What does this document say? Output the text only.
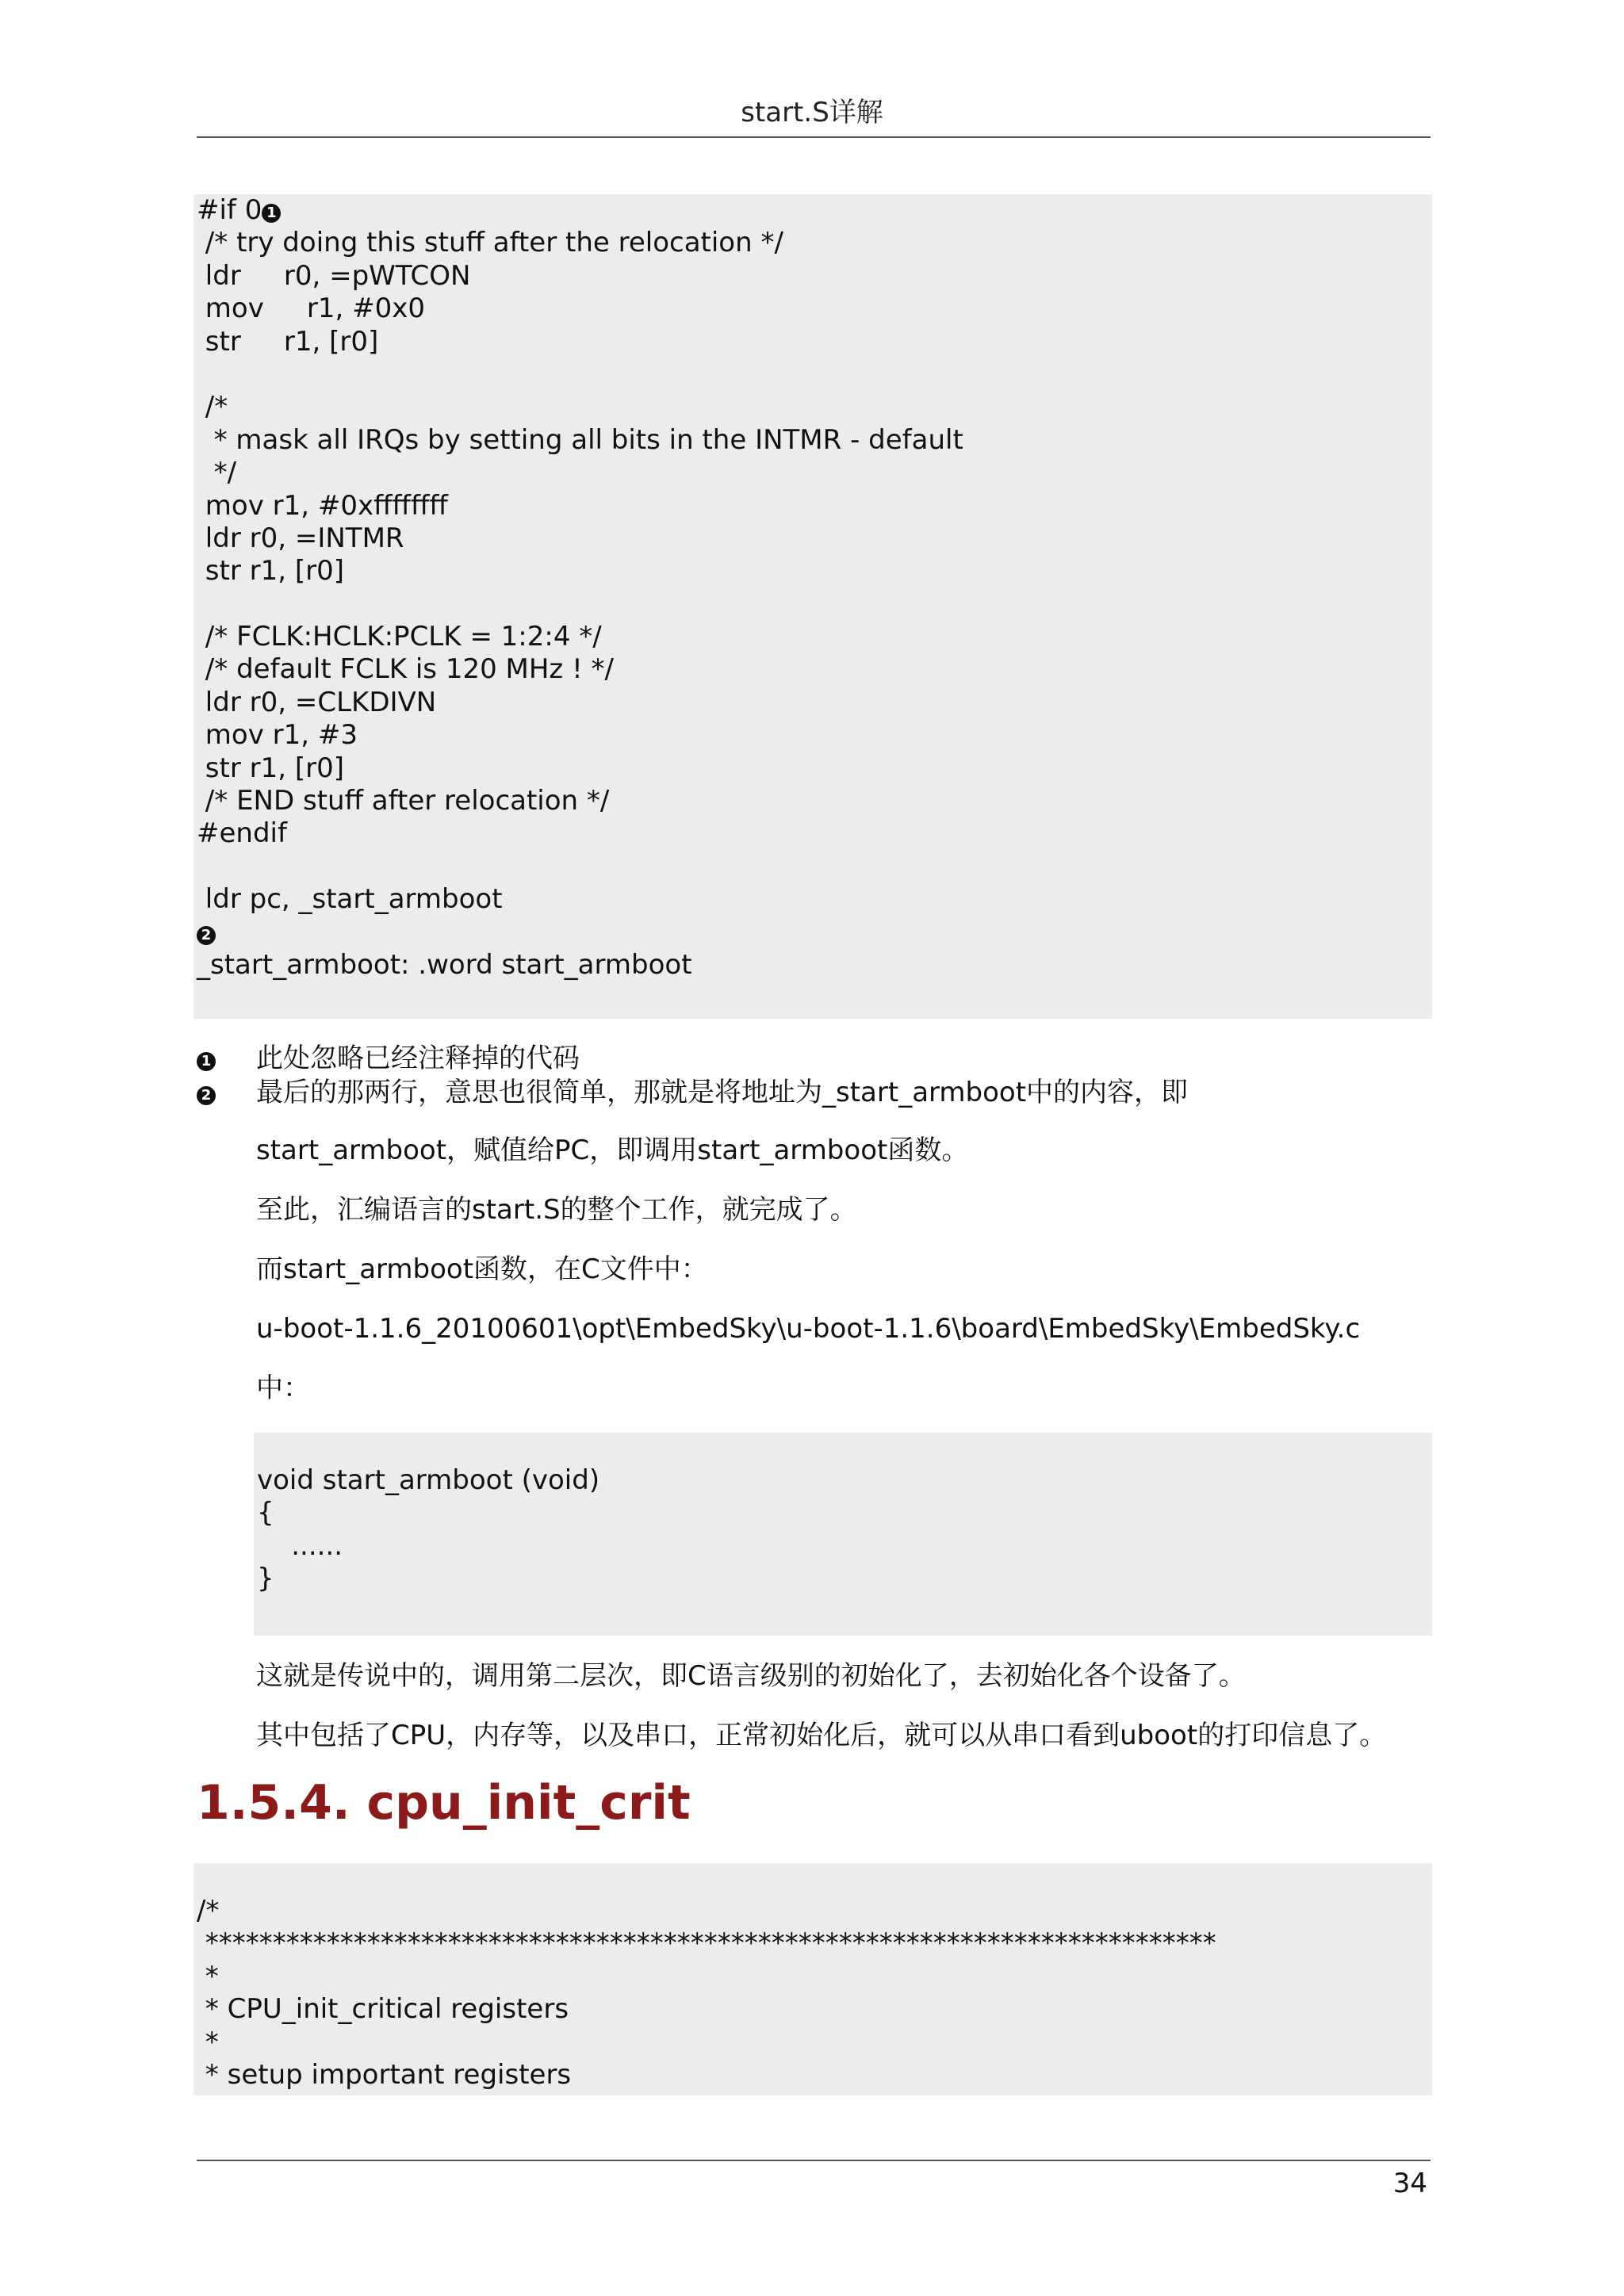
start.S详解
#if 0 1
/* try doing this stuff after the relocation */
ldr     r0, =pWTCON
mov     r1, #0x0
str     r1, [r0]
/*
* mask all IRQs by setting all bits in the INTMR - default
*/
mov r1, #0xffffffff
ldr r0, =INTMR
str r1, [r0]
/* FCLK:HCLK:PCLK = 1:2:4 */
/* default FCLK is 120 MHz ! */
ldr r0, =CLKDIVN
mov r1, #3
str r1, [r0]
/* END stuff after relocation */
#endif
ldr pc, _start_armboot
2
_start_armboot: .word start_armboot
1 此处忽略已经注释掉的代码
2 最后的那两行，意思也很简单，那就是将地址为_start_armboot中的内容，即
start_armboot，赋值给PC，即调用start_armboot函数。
至此，汇编语言的start.S的整个工作，就完成了。
而start_armboot函数，在C文件中：
u-boot-1.1.6_20100601\opt\EmbedSky\u-boot-1.1.6\board\EmbedSky\EmbedSky.c
中：
void start_armboot (void)
{
......
}
这就是传说中的，调用第二层次，即C语言级别的初始化了，去初始化各个设备了。
其中包括了CPU，内存等，以及串口，正常初始化后，就可以从串口看到uboot的打印信息了。
1.5.4. cpu_init_crit
/*
***************************************************************************
*
* CPU_init_critical registers
*
* setup important registers
34
